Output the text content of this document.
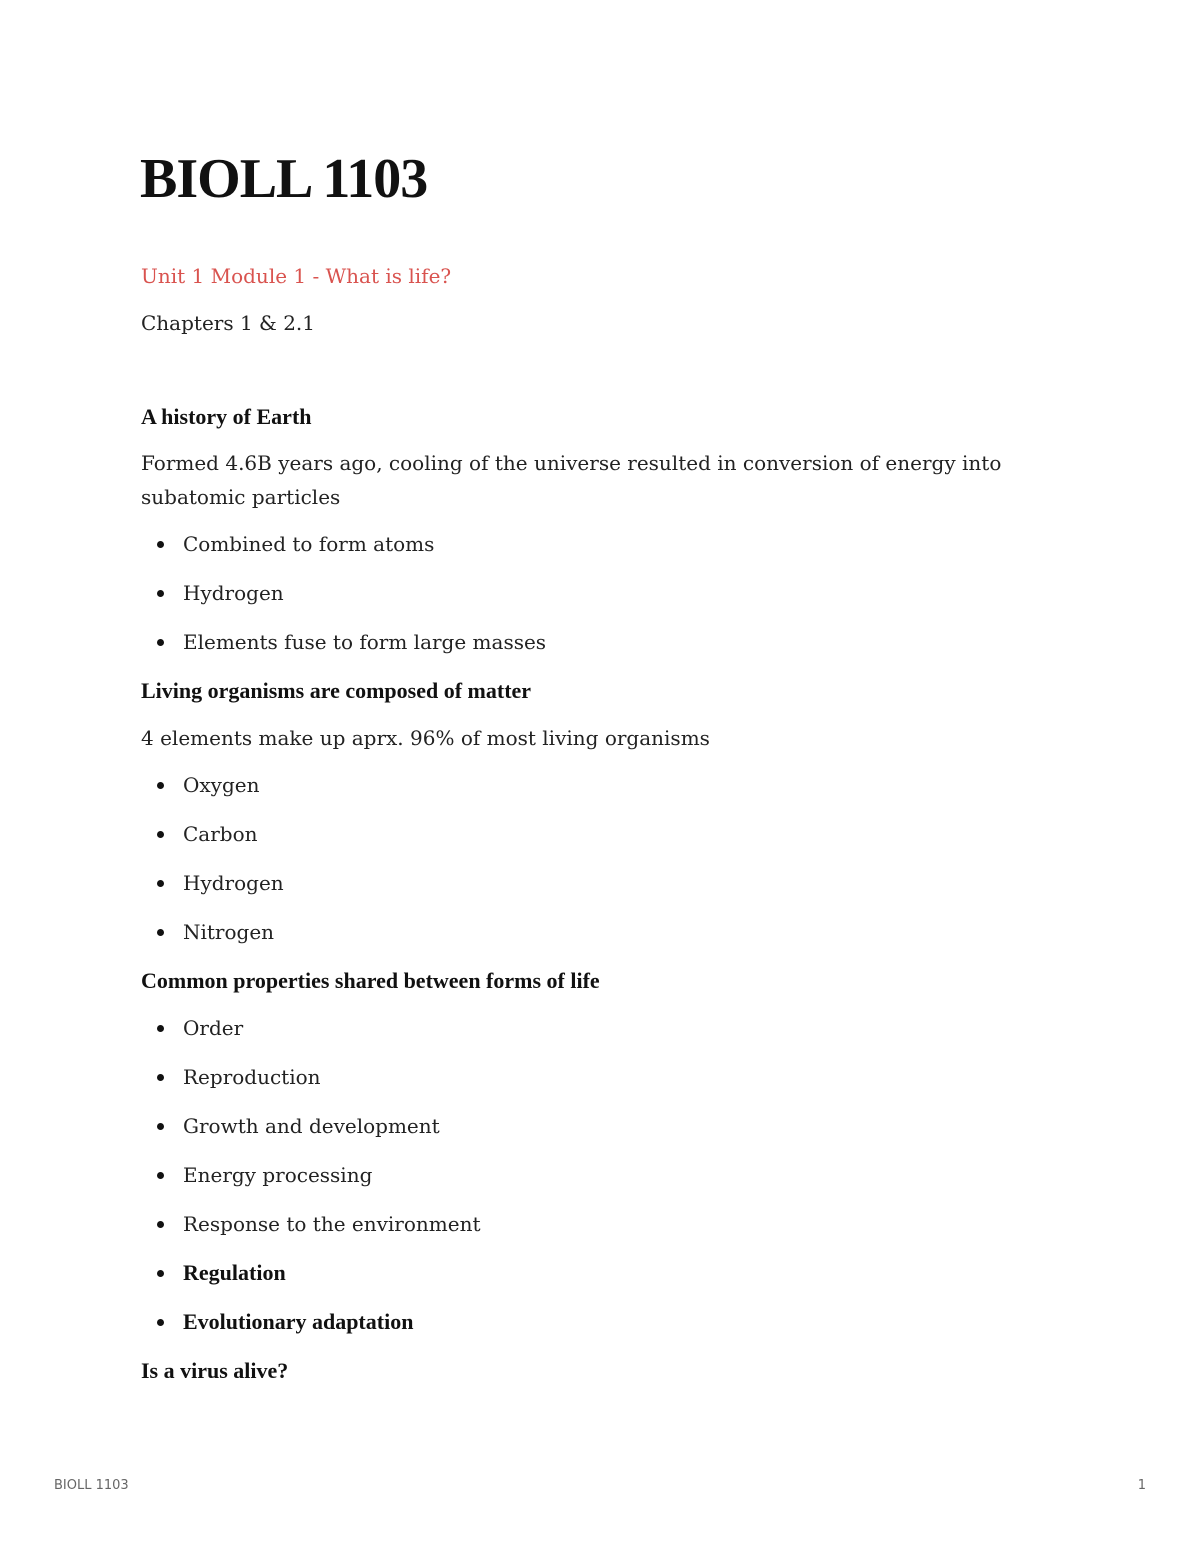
BIOLL 1103
Unit 1 Module 1 - What is life?
Chapters 1 & 2.1
A history of Earth
Formed 4.6B years ago, cooling of the universe resulted in conversion of energy into subatomic particles
Combined to form atoms
Hydrogen
Elements fuse to form large masses
Living organisms are composed of matter
4 elements make up aprx. 96% of most living organisms
Oxygen
Carbon
Hydrogen
Nitrogen
Common properties shared between forms of life
Order
Reproduction
Growth and development
Energy processing
Response to the environment
Regulation
Evolutionary adaptation
Is a virus alive?
BIOLL 1103	1
